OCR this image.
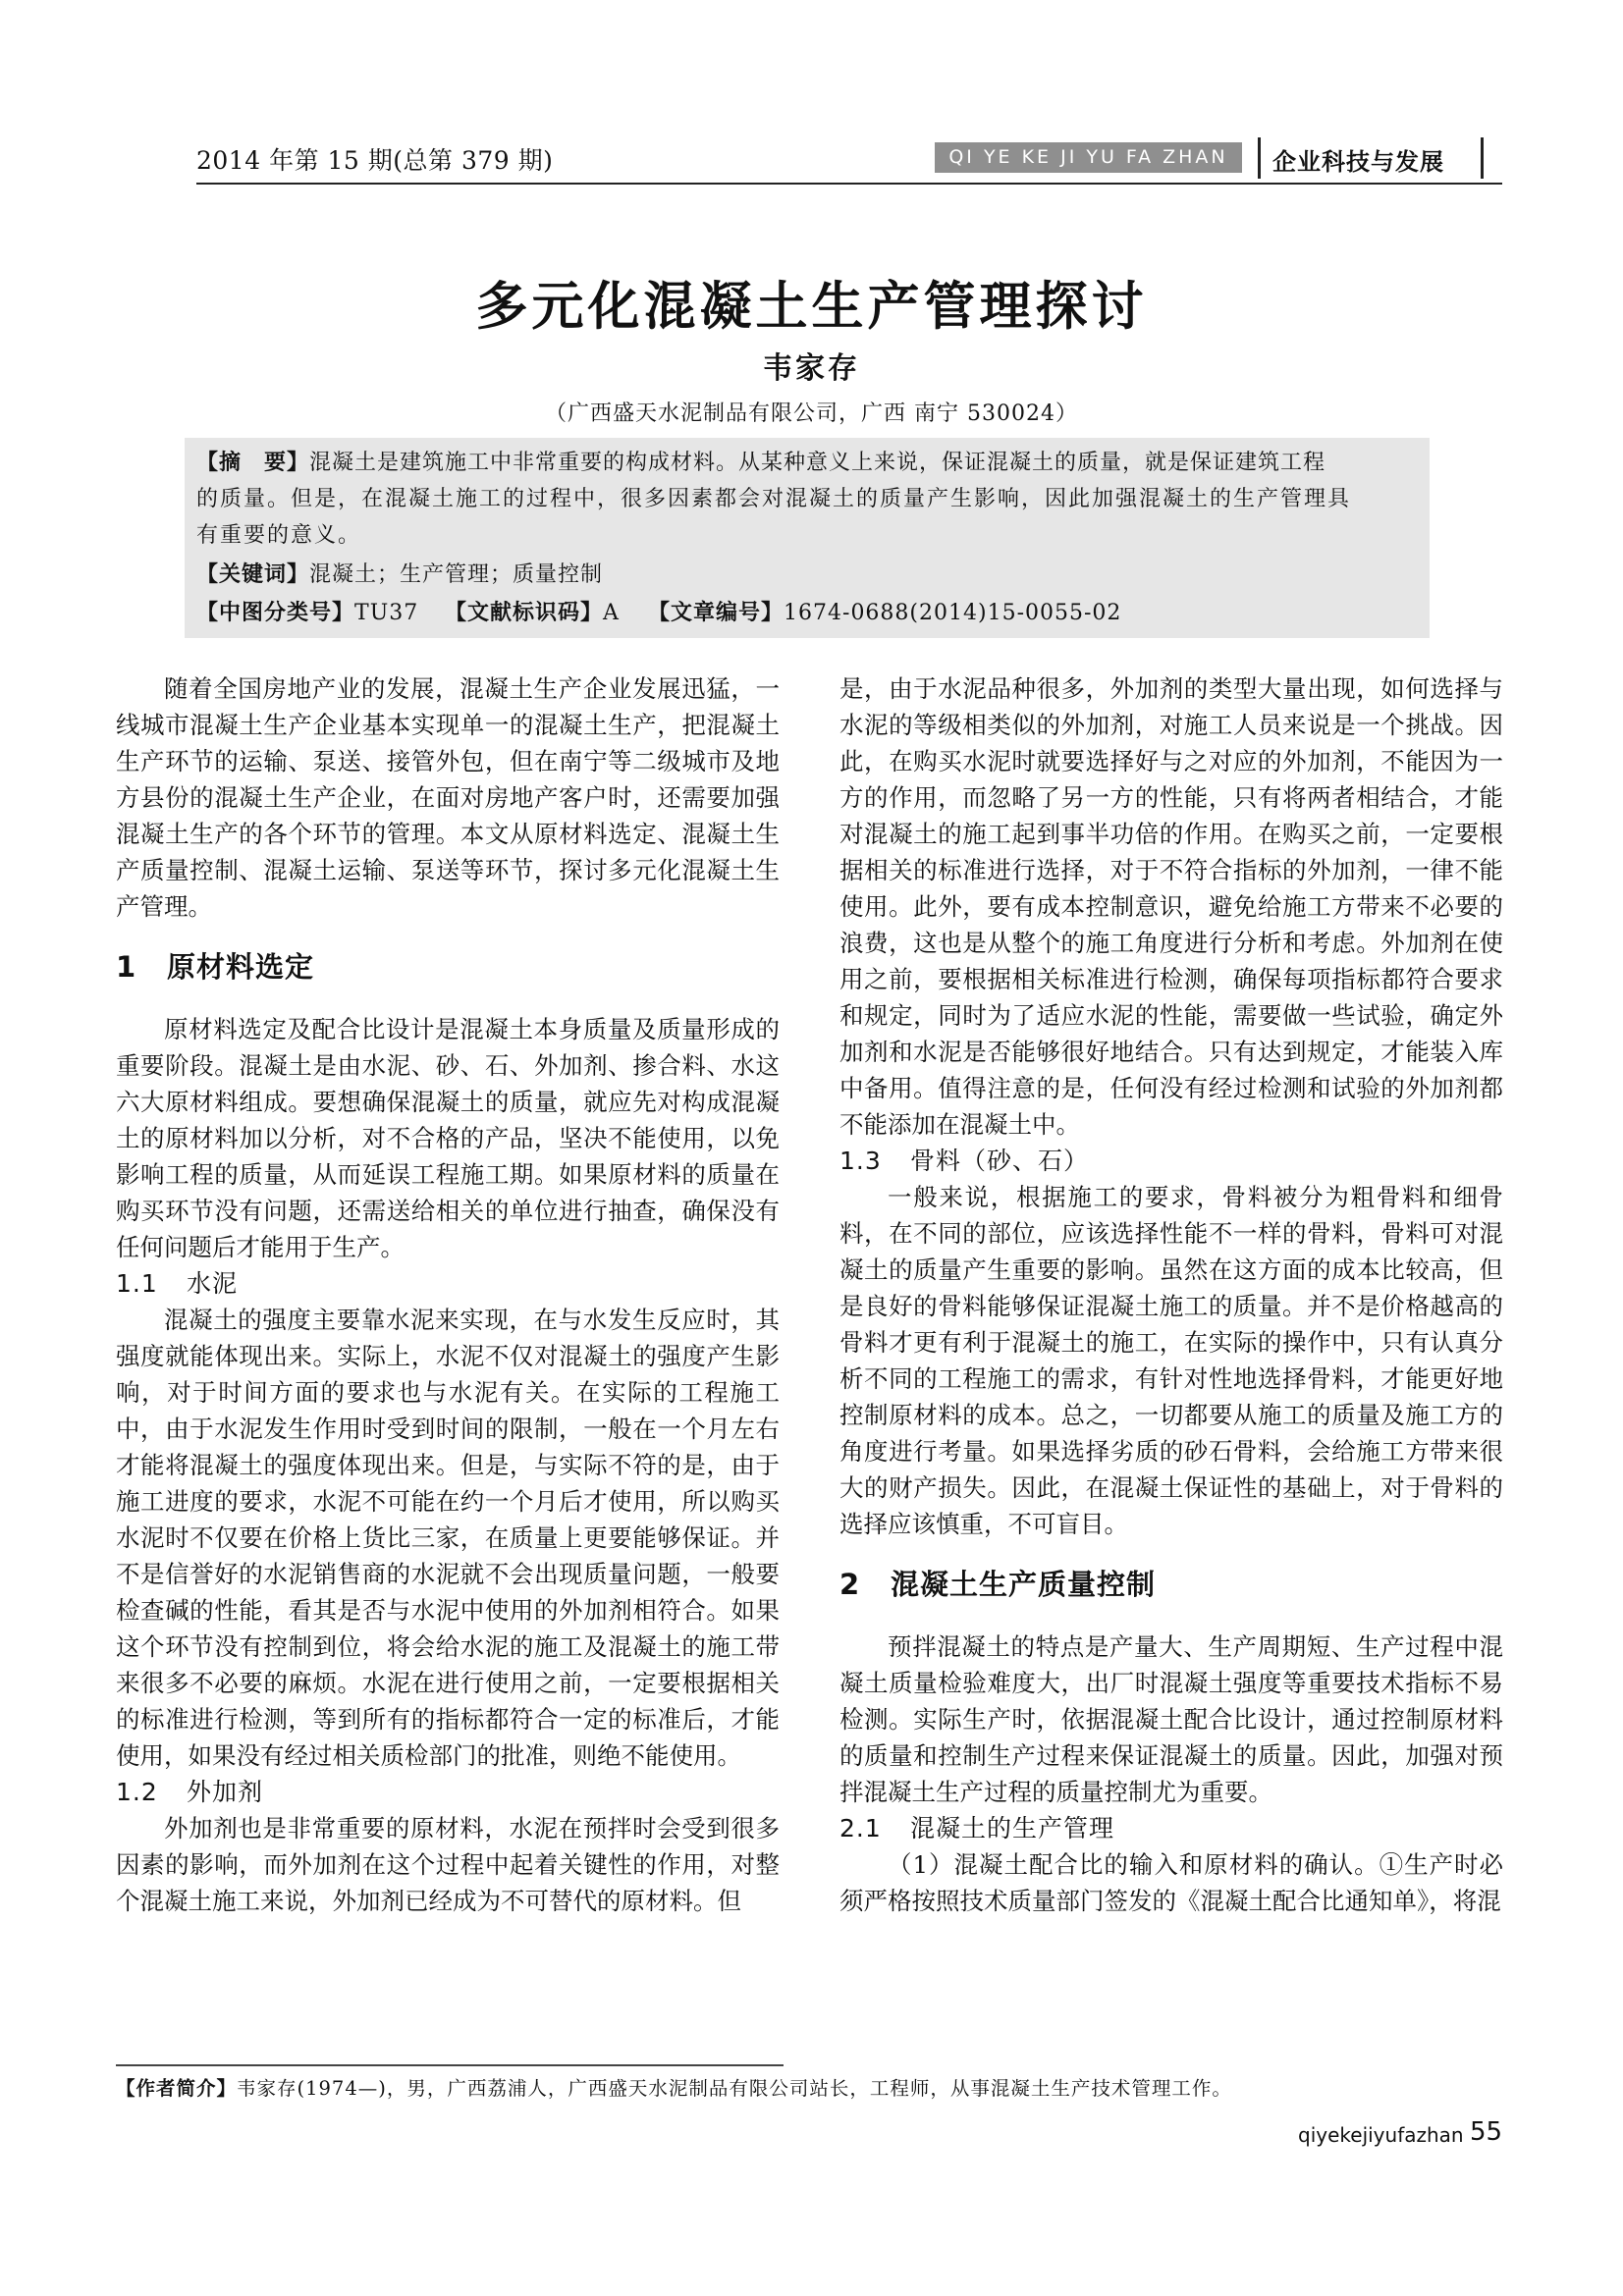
2014 年第 15 期(总第 379 期)	QI YE KE JI YU FA ZHAN	企业科技与发展
多元化混凝土生产管理探讨
韦家存
（广西盛天水泥制品有限公司，广西 南宁 530024）
【摘　要】混凝土是建筑施工中非常重要的构成材料。从某种意义上来说，保证混凝土的质量，就是保证建筑工程
的质量。但是，在混凝土施工的过程中，很多因素都会对混凝土的质量产生影响，因此加强混凝土的生产管理具
有重要的意义。
【关键词】混凝土；生产管理；质量控制
【中图分类号】TU37 【文献标识码】A 【文章编号】1674-0688(2014)15-0055-02

随着全国房地产业的发展，混凝土生产企业发展迅猛，一线城市混凝土生产企业基本实现单一的混凝土生产，把混凝土生产环节的运输、泵送、接管外包，但在南宁等二级城市及地方县份的混凝土生产企业，在面对房地产客户时，还需要加强混凝土生产的各个环节的管理。本文从原材料选定、混凝土生产质量控制、混凝土运输、泵送等环节，探讨多元化混凝土生产管理。

1 原材料选定

原材料选定及配合比设计是混凝土本身质量及质量形成的重要阶段。混凝土是由水泥、砂、石、外加剂、掺合料、水这六大原材料组成。要想确保混凝土的质量，就应先对构成混凝土的原材料加以分析，对不合格的产品，坚决不能使用，以免影响工程的质量，从而延误工程施工期。如果原材料的质量在购买环节没有问题，还需送给相关的单位进行抽查，确保没有任何问题后才能用于生产。

1.1 水泥

混凝土的强度主要靠水泥来实现，在与水发生反应时，其强度就能体现出来。实际上，水泥不仅对混凝土的强度产生影响，对于时间方面的要求也与水泥有关。在实际的工程施工中，由于水泥发生作用时受到时间的限制，一般在一个月左右才能将混凝土的强度体现出来。但是，与实际不符的是，由于施工进度的要求，水泥不可能在约一个月后才使用，所以购买水泥时不仅要在价格上货比三家，在质量上更要能够保证。并不是信誉好的水泥销售商的水泥就不会出现质量问题，一般要检查碱的性能，看其是否与水泥中使用的外加剂相符合。如果这个环节没有控制到位，将会给水泥的施工及混凝土的施工带来很多不必要的麻烦。水泥在进行使用之前，一定要根据相关的标准进行检测，等到所有的指标都符合一定的标准后，才能使用，如果没有经过相关质检部门的批准，则绝不能使用。

1.2 外加剂

外加剂也是非常重要的原材料，水泥在预拌时会受到很多因素的影响，而外加剂在这个过程中起着关键性的作用，对整个混凝土施工来说，外加剂已经成为不可替代的原材料。但

是，由于水泥品种很多，外加剂的类型大量出现，如何选择与水泥的等级相类似的外加剂，对施工人员来说是一个挑战。因此，在购买水泥时就要选择好与之对应的外加剂，不能因为一方的作用，而忽略了另一方的性能，只有将两者相结合，才能对混凝土的施工起到事半功倍的作用。在购买之前，一定要根据相关的标准进行选择，对于不符合指标的外加剂，一律不能使用。此外，要有成本控制意识，避免给施工方带来不必要的浪费，这也是从整个的施工角度进行分析和考虑。外加剂在使用之前，要根据相关标准进行检测，确保每项指标都符合要求和规定，同时为了适应水泥的性能，需要做一些试验，确定外加剂和水泥是否能够很好地结合。只有达到规定，才能装入库中备用。值得注意的是，任何没有经过检测和试验的外加剂都不能添加在混凝土中。

1.3 骨料（砂、石）

一般来说，根据施工的要求，骨料被分为粗骨料和细骨料，在不同的部位，应该选择性能不一样的骨料，骨料可对混凝土的质量产生重要的影响。虽然在这方面的成本比较高，但是良好的骨料能够保证混凝土施工的质量。并不是价格越高的骨料才更有利于混凝土的施工，在实际的操作中，只有认真分析不同的工程施工的需求，有针对性地选择骨料，才能更好地控制原材料的成本。总之，一切都要从施工的质量及施工方的角度进行考量。如果选择劣质的砂石骨料，会给施工方带来很大的财产损失。因此，在混凝土保证性的基础上，对于骨料的选择应该慎重，不可盲目。

2 混凝土生产质量控制

预拌混凝土的特点是产量大、生产周期短、生产过程中混凝土质量检验难度大，出厂时混凝土强度等重要技术指标不易检测。实际生产时，依据混凝土配合比设计，通过控制原材料的质量和控制生产过程来保证混凝土的质量。因此，加强对预拌混凝土生产过程的质量控制尤为重要。

2.1 混凝土的生产管理

（1）混凝土配合比的输入和原材料的确认。①生产时必须严格按照技术质量部门签发的《混凝土配合比通知单》，将混

【作者简介】韦家存(1974—)，男，广西荔浦人，广西盛天水泥制品有限公司站长，工程师，从事混凝土生产技术管理工作。
qiyekejiyufazhan 55
